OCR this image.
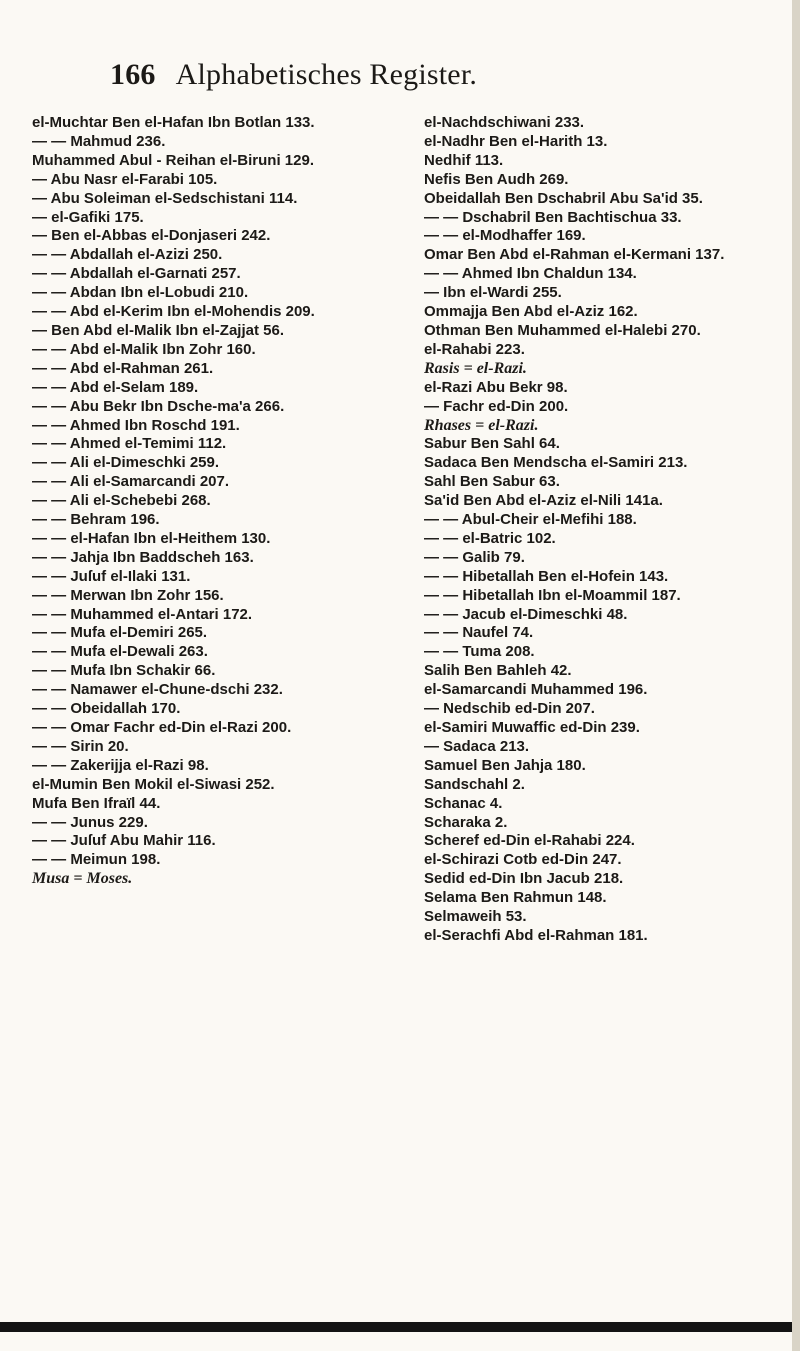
166 Alphabetisches Register.

el-Muchtar Ben el-Hafan Ibn Botlan 133.

— — Mahmud 236.

Muhammed Abul - Reihan el-Biruni 129.

— Abu Nasr el-Farabi 105.

— Abu Soleiman el-Sedschistani 114.

— el-Gafiki 175.

— Ben el-Abbas el-Donjaseri 242.

— — Abdallah el-Azizi 250.

— — Abdallah el-Garnati 257.

— — Abdan Ibn el-Lobudi 210.

— — Abd el-Kerim Ibn el-Mohendis 209.

— Ben Abd el-Malik Ibn el-Zajjat 56.

— — Abd el-Malik Ibn Zohr 160.

— — Abd el-Rahman 261.

— — Abd el-Selam 189.

— — Abu Bekr Ibn Dsche-ma'a 266.

— — Ahmed Ibn Roschd 191.

— — Ahmed el-Temimi 112.

— — Ali el-Dimeschki 259.

— — Ali el-Samarcandi 207.

— — Ali el-Schebebi 268.

— — Behram 196.

— — el-Hafan Ibn el-Heithem 130.

— — Jahja Ibn Baddscheh 163.

— — Juſuf el-Ilaki 131.

— — Merwan Ibn Zohr 156.

— — Muhammed el-Antari 172.

— — Mufa el-Demiri 265.

— — Mufa el-Dewali 263.

— — Mufa Ibn Schakir 66.

— — Namawer el-Chune-dschi 232.

— — Obeidallah 170.

— — Omar Fachr ed-Din el-Razi 200.

— — Sirin 20.

— — Zakerijja el-Razi 98.

el-Mumin Ben Mokil el-Siwasi 252.

Mufa Ben Ifraïl 44.

— — Junus 229.

— — Juſuf Abu Mahir 116.

— — Meimun 198.

Musa = Moses.

el-Nachdschiwani 233.

el-Nadhr Ben el-Harith 13.

Nedhif 113.

Nefis Ben Audh 269.

Obeidallah Ben Dschabril Abu Sa'id 35.

— — Dschabril Ben Bachtischua 33.

— — el-Modhaffer 169.

Omar Ben Abd el-Rahman el-Kermani 137.

— — Ahmed Ibn Chaldun 134.

— Ibn el-Wardi 255.

Ommajja Ben Abd el-Aziz 162.

Othman Ben Muhammed el-Halebi 270.

el-Rahabi 223.

Rasis = el-Razi.

el-Razi Abu Bekr 98.

— Fachr ed-Din 200.

Rhases = el-Razi.

Sabur Ben Sahl 64.

Sadaca Ben Mendscha el-Samiri 213.

Sahl Ben Sabur 63.

Sa'id Ben Abd el-Aziz el-Nili 141a.

— — Abul-Cheir el-Mefihi 188.

— — el-Batric 102.

— — Galib 79.

— — Hibetallah Ben el-Hofein 143.

— — Hibetallah Ibn el-Moammil 187.

— — Jacub el-Dimeschki 48.

— — Naufel 74.

— — Tuma 208.

Salih Ben Bahleh 42.

el-Samarcandi Muhammed 196.

— Nedschib ed-Din 207.

el-Samiri Muwaffic ed-Din 239.

— Sadaca 213.

Samuel Ben Jahja 180.

Sandschahl 2.

Schanac 4.

Scharaka 2.

Scheref ed-Din el-Rahabi 224.

el-Schirazi Cotb ed-Din 247.

Sedid ed-Din Ibn Jacub 218.

Selama Ben Rahmun 148.

Selmaweih 53.

el-Serachfi Abd el-Rahman 181.
